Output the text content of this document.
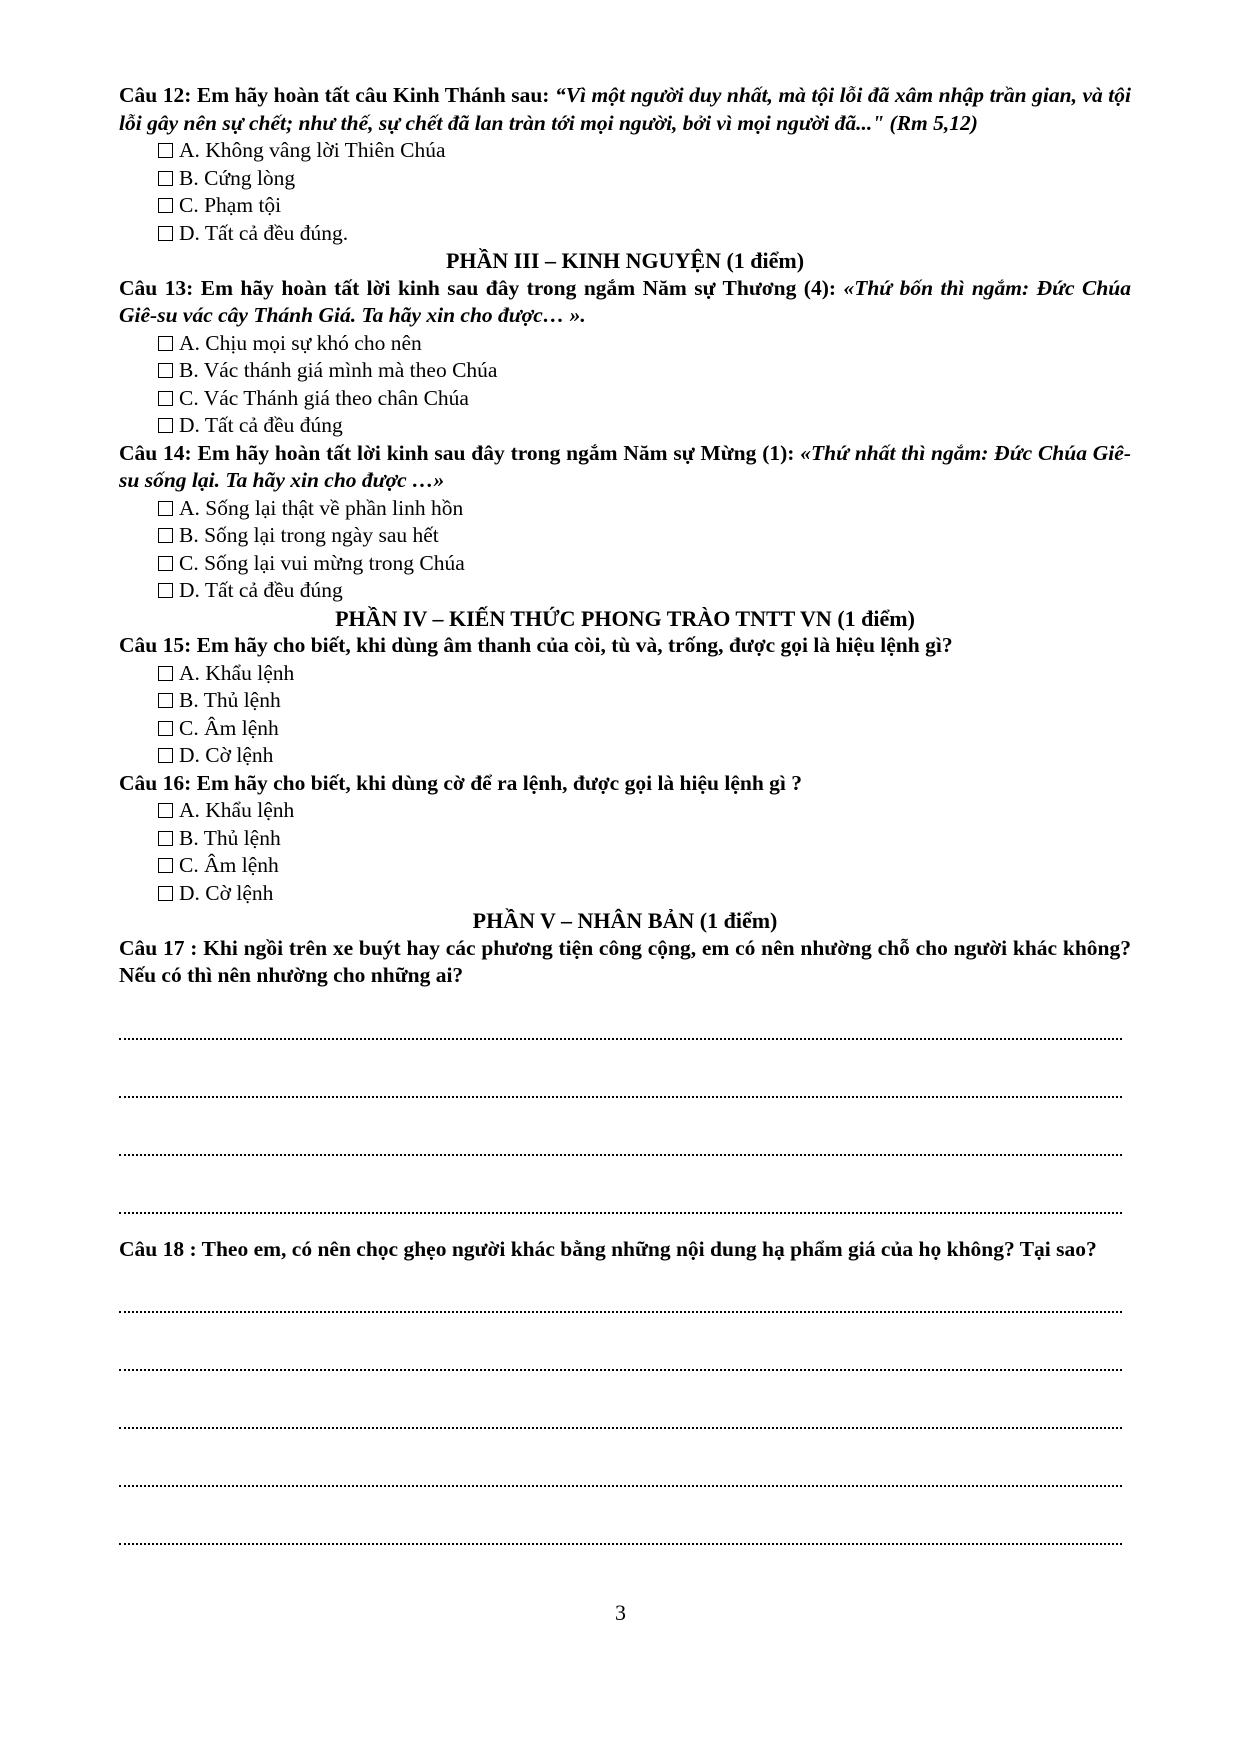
Câu 12: Em hãy hoàn tất câu Kinh Thánh sau: “Vì một người duy nhất, mà tội lỗi đã xâm nhập trần gian, và tội lỗi gây nên sự chết; như thế, sự chết đã lan tràn tới mọi người, bởi vì mọi người đã..." (Rm 5,12)
A. Không vâng lời Thiên Chúa
B. Cứng lòng
C. Phạm tội
D. Tất cả đều đúng.
PHẦN III – KINH NGUYỆN (1 điểm)
Câu 13: Em hãy hoàn tất lời kinh sau đây trong ngắm Năm sự Thương (4): «Thứ bốn thì ngắm: Đức Chúa Giê-su vác cây Thánh Giá. Ta hãy xin cho được… ».
A. Chịu mọi sự khó cho nên
B. Vác thánh giá mình mà theo Chúa
C. Vác Thánh giá theo chân Chúa
D. Tất cả đều đúng
Câu 14: Em hãy hoàn tất lời kinh sau đây trong ngắm Năm sự Mừng (1): «Thứ nhất thì ngắm: Đức Chúa Giê-su sống lại. Ta hãy xin cho được …»
A. Sống lại thật về phần linh hồn
B. Sống lại trong ngày sau hết
C. Sống lại vui mừng trong Chúa
D. Tất cả đều đúng
PHẦN IV – KIẾN THỨC PHONG TRÀO TNTT VN (1 điểm)
Câu 15: Em hãy cho biết, khi dùng âm thanh của còi, tù và, trống, được gọi là hiệu lệnh gì?
A. Khẩu lệnh
B. Thủ lệnh
C. Âm lệnh
D. Cờ lệnh
Câu 16: Em hãy cho biết, khi dùng cờ để ra lệnh, được gọi là hiệu lệnh gì ?
A. Khẩu lệnh
B. Thủ lệnh
C. Âm lệnh
D. Cờ lệnh
PHẦN V – NHÂN BẢN (1 điểm)
Câu 17 : Khi ngồi trên xe buýt hay các phương tiện công cộng, em có nên nhường chỗ cho người khác không? Nếu có thì nên nhường cho những ai?
Câu 18 : Theo em, có nên chọc ghẹo người khác bằng những nội dung hạ phẩm giá của họ không? Tại sao?
3
